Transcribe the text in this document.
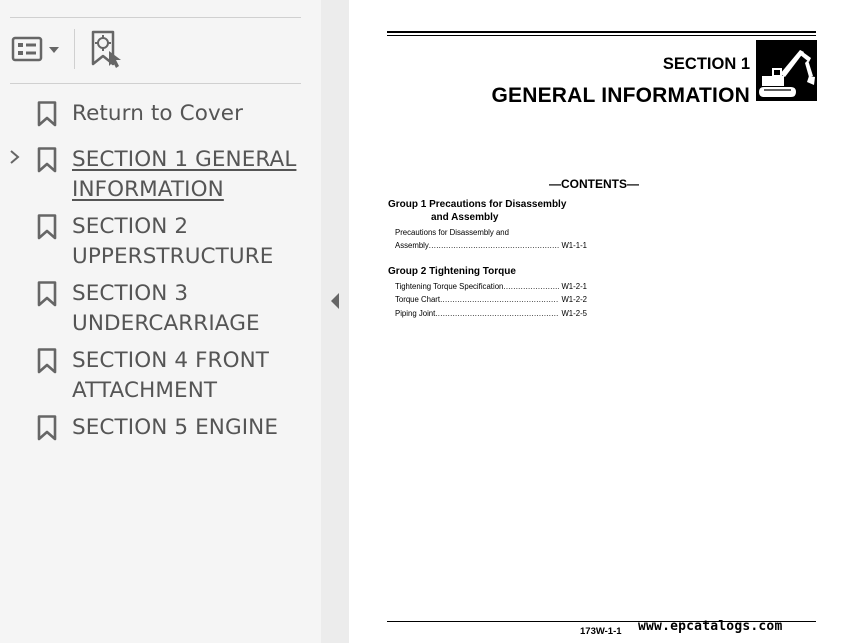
Return to Cover
SECTION 1 GENERAL INFORMATION
SECTION 2 UPPERSTRUCTURE
SECTION 3 UNDERCARRIAGE
SECTION 4 FRONT ATTACHMENT
SECTION 5 ENGINE
SECTION 1
GENERAL INFORMATION
—CONTENTS—
Group 1 Precautions for Disassembly
and Assembly
Precautions for Disassembly and
Assembly .....	W1-1-1
Group 2 Tightening Torque
Tightening Torque Specification .....	W1-2-1
Torque Chart .....	W1-2-2
Piping Joint .....	W1-2-5
173W-1-1 www.epcatalogs.com
